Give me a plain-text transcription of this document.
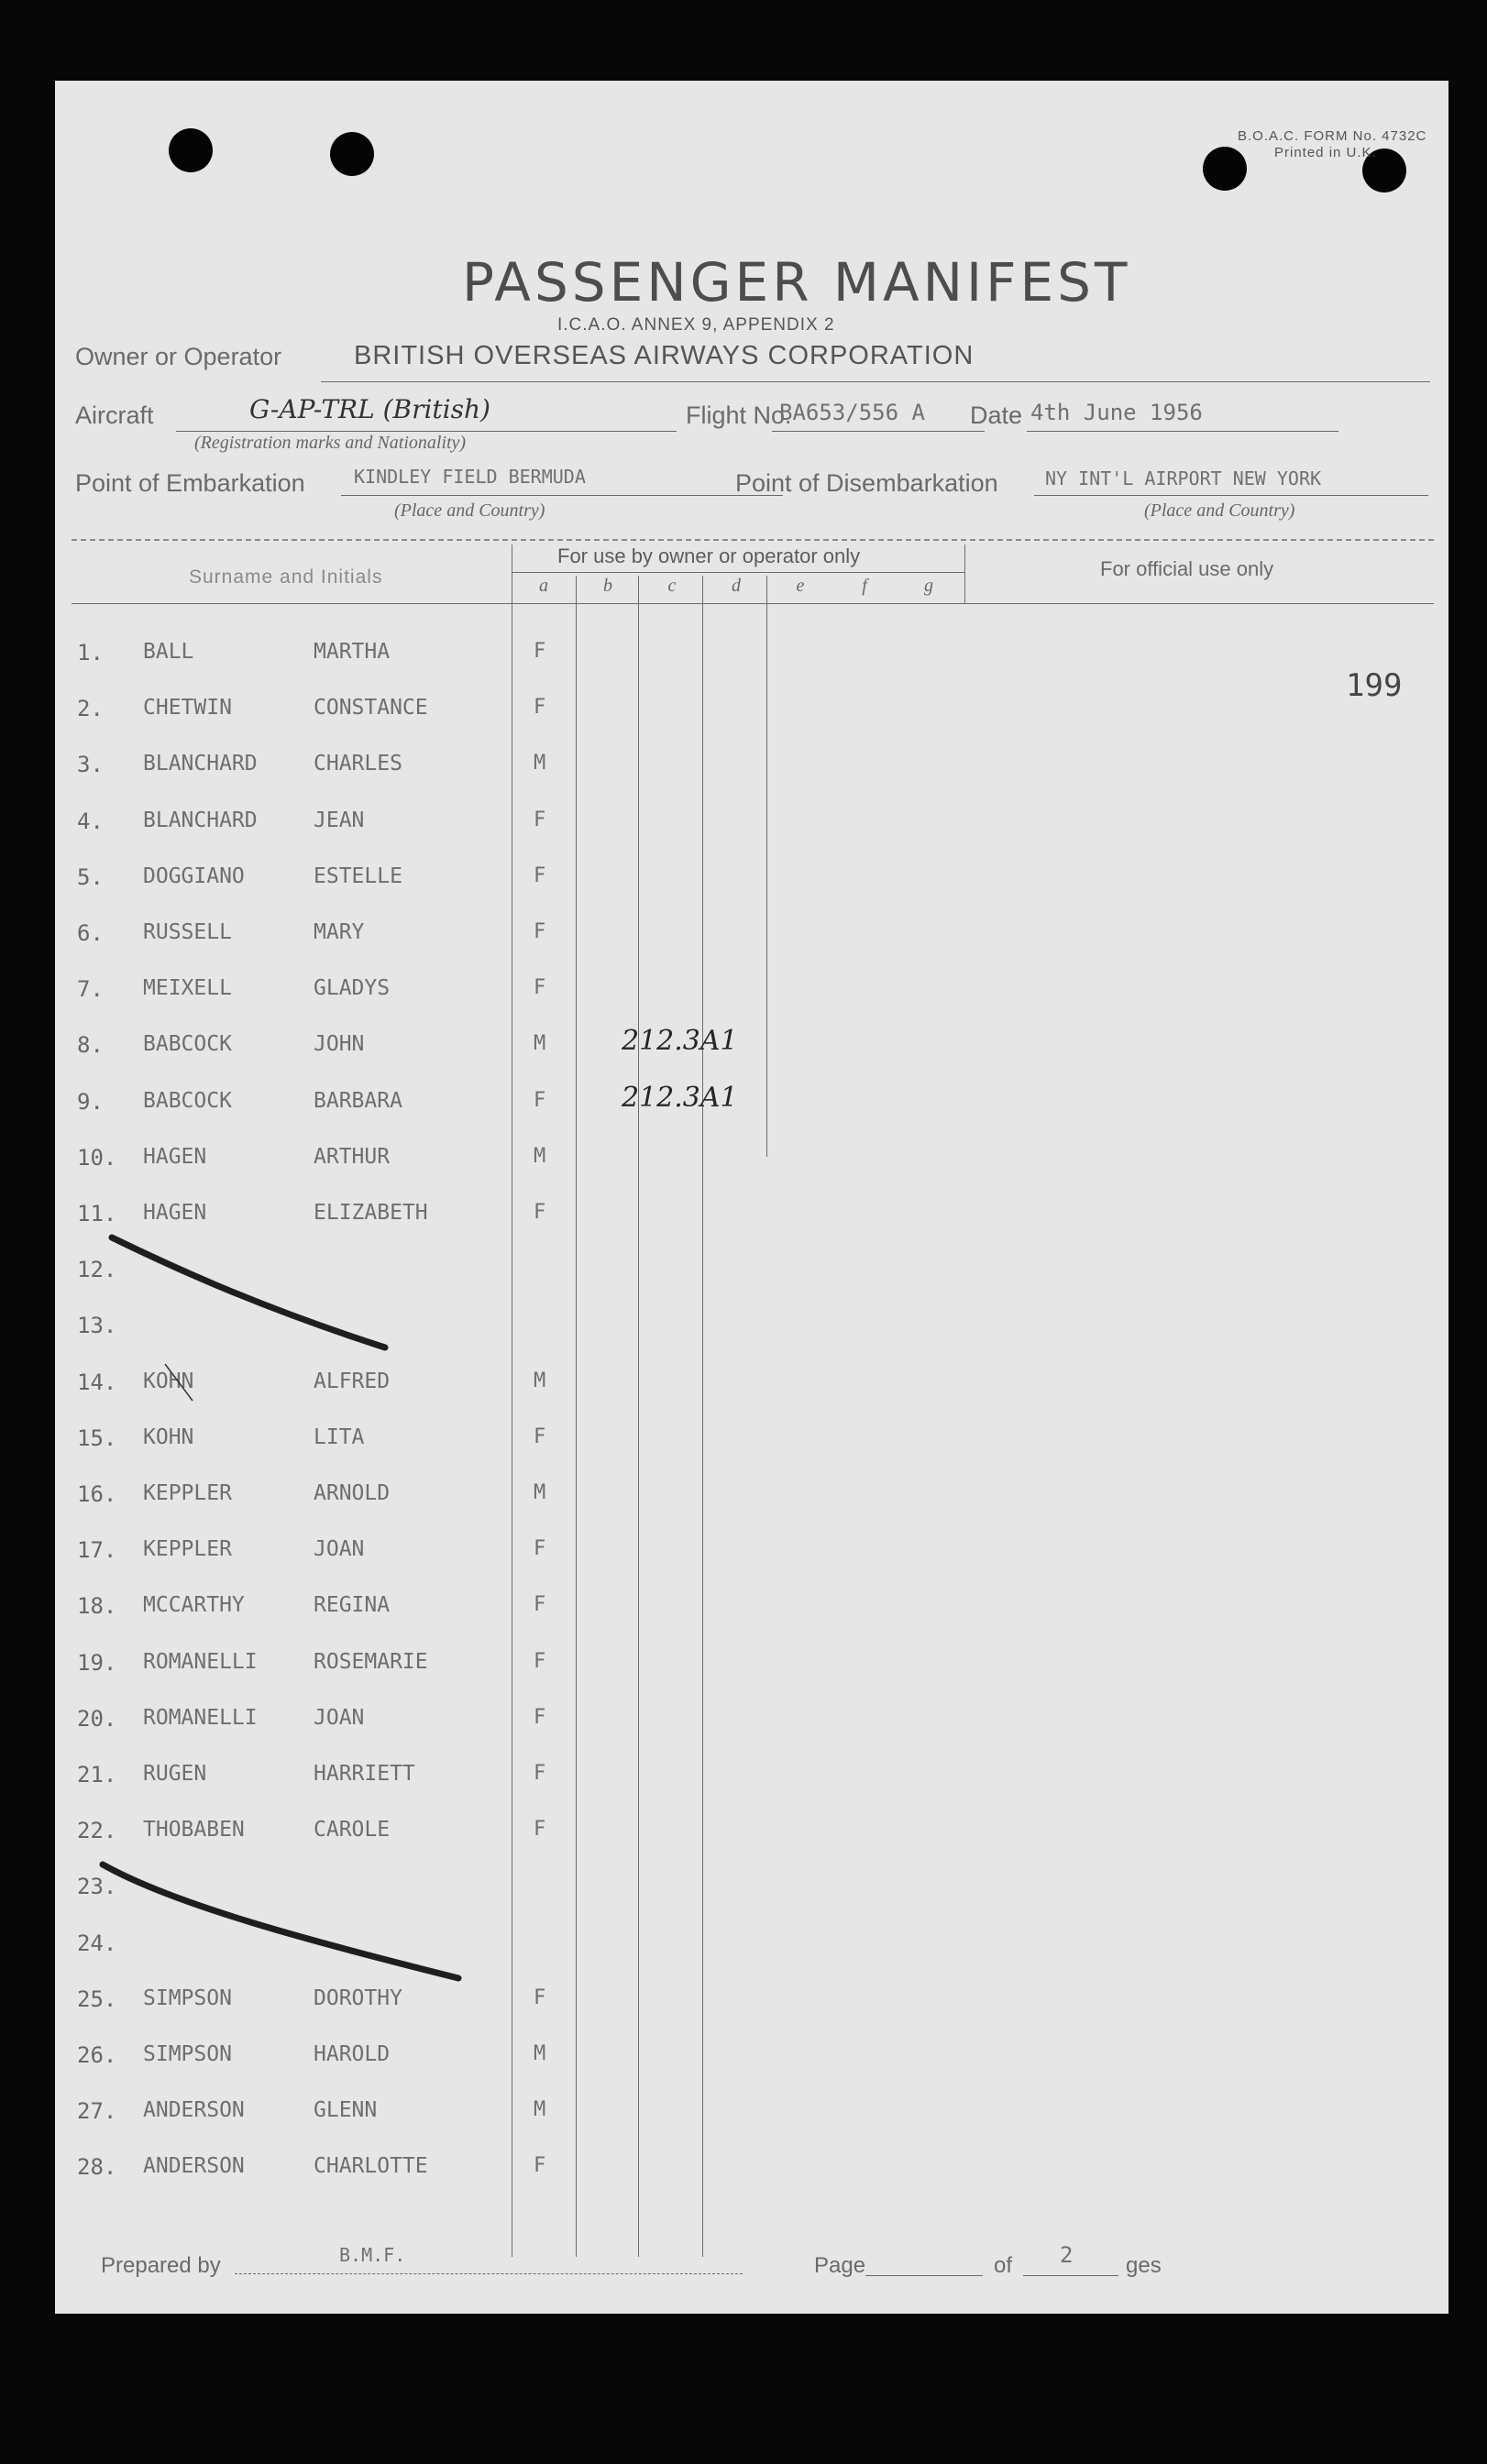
B.O.A.C. FORM No. 4732C
Printed in U.K.
PASSENGER MANIFEST
I.C.A.O. ANNEX 9, APPENDIX 2
Owner or Operator	BRITISH OVERSEAS AIRWAYS CORPORATION
Aircraft	G-AP-TRL (British)
(Registration marks and Nationality)
Flight No.
BA653/556 A Date 4th June 1956
Point of Embarkation	KINDLEY FIELD BERMUDA
(Place and Country)
Point of Disembarkation	NY INT'L AIRPORT NEW YORK
(Place and Country)
Surname and Initials
For use by owner or operator only
For official use only
a	b	c	d	e	f	g
199
1. BALL	MARTHA	F
2. CHETWIN	CONSTANCE	F
3. BLANCHARD	CHARLES	M
4. BLANCHARD	JEAN	F
5. DOGGIANO	ESTELLE	F
6. RUSSELL	MARY	F
7. MEIXELL	GLADYS	F
8. BABCOCK	JOHN	M	212.3A1
9. BABCOCK	BARBARA	F	212.3A1
10. HAGEN	ARTHUR	M
11. HAGEN	ELIZABETH	F
12.
13.
14. KOHN	ALFRED	M
15. KOHN	LITA	F
16. KEPPLER	ARNOLD	M
17. KEPPLER	JOAN	F
18. MCCARTHY	REGINA	F
19. ROMANELLI	ROSEMARIE	F
20. ROMANELLI	JOAN	F
21. RUGEN	HARRIETT	F
22. THOBABEN	CAROLE	F
23.
24.
25. SIMPSON	DOROTHY	F
26. SIMPSON	HAROLD	M
27. ANDERSON	GLENN	M
28. ANDERSON	CHARLOTTE	F
Prepared by	B.M.F.	Page	of 2 ges
